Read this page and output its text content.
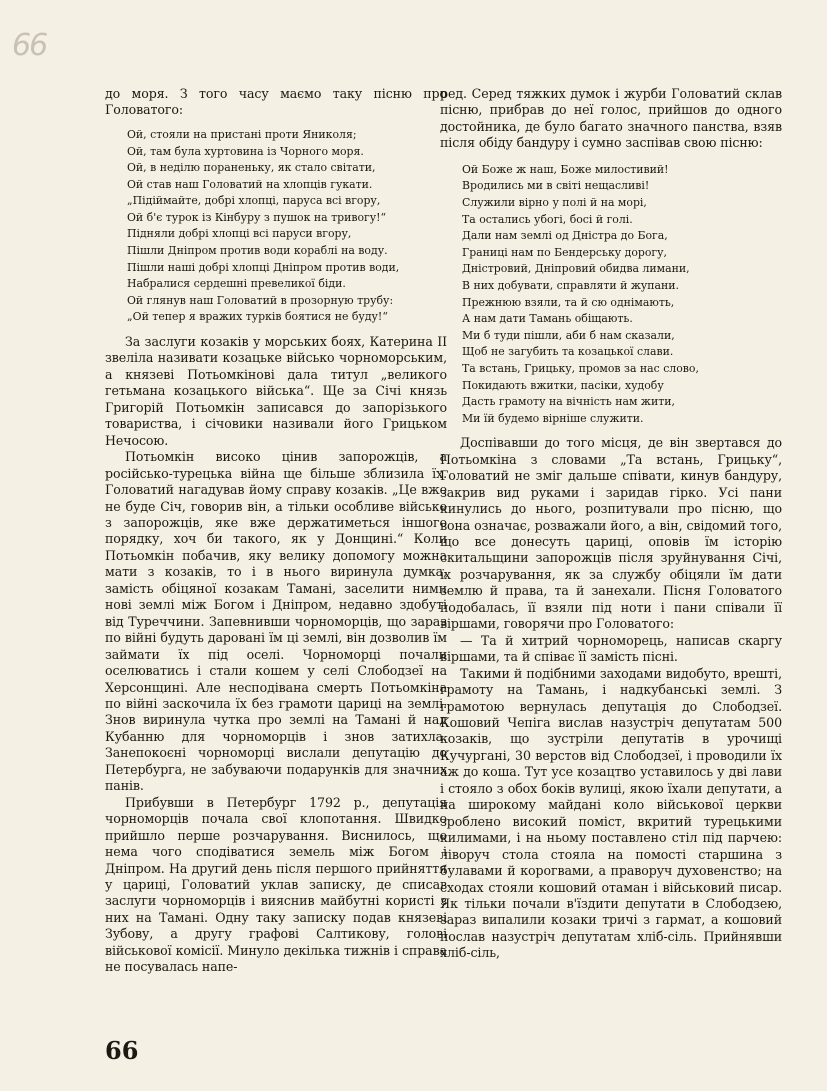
66

до моря. З того часу маємо таку пісню про Головатого:

Ой, стояли на пристані проти Яниколя;
Ой, там була хуртовина із Чорного моря.
Ой, в неділю пораненьку, як стало світати,
Ой став наш Головатий на хлопців гукати.
„Підіймайте, добрі хлопці, паруса всі вгору,
Ой б'є турок із Кінбуру з пушок на тривогу!“
Підняли добрі хлопці всі паруси вгору,
Пішли Дніпром против води кораблі на воду.
Пішли наші добрі хлопці Дніпром против води,
Набралися сердешні превеликої біди.
Ой глянув наш Головатий в прозорную трубу:
„Ой тепер я вражих турків боятися не буду!“

За заслуги козаків у морських боях, Катерина II звеліла називати козацьке військо чорноморським, а князеві Потьомкінові дала титул „великого гетьмана козацького війська“. Ще за Січі князь Григорій Потьомкін записався до запорізького товариства, і січовики називали його Грицьком Нечосою.

Потьомкін високо цінив запорожців, а російсько-турецька війна ще більше зблизила їх. Головатий нагадував йому справу козаків. „Це вже не буде Січ, говорив він, а тільки особливе військо з запорожців, яке вже держатиметься іншого порядку, хоч би такого, як у Донщині.“ Коли Потьомкін побачив, яку велику допомогу можна мати з козаків, то і в нього виринула думка, замість обіцяної козакам Тамані, заселити ними нові землі між Богом і Дніпром, недавно здобуті від Туреччини. Запевнивши чорноморців, що зараз по війні будуть даровані їм ці землі, він дозволив їм займати їх під оселі. Чорноморці почали оселюватись і стали кошем у селі Слободзеї на Херсонщині. Але несподівана смерть Потьомкіна по війні заскочила їх без грамоти цариці на землі. Знов виринула чутка про землі на Тамані й над Кубанню для чорноморців і знов затихла. Занепокоєні чорноморці вислали депутацію до Петербурга, не забуваючи подарунків для значних панів.

Прибувши в Петербург 1792 р., депутація чорноморців почала свої клопотання. Швидко прийшло перше розчарування. Виснилось, що нема чого сподіватися земель між Богом і Дніпром. На другий день після першого прийняття у цариці, Головатий уклав записку, де списав заслуги чорноморців і вияснив майбутні користі з них на Тамані. Одну таку записку подав князеві Зубову, а другу графові Салтикову, голові військової комісії. Минуло декілька тижнів і справа не посувалась напе-

ред. Серед тяжких думок і журби Головатий склав пісню, прибрав до неї голос, прийшов до одного достойника, де було багато значного панства, взяв після обіду бандуру і сумно заспівав свою пісню:

Ой Боже ж наш, Боже милостивий!
Вродились ми в світі нещасливі!
Служили вірно у полі й на морі,
Та остались убогі, босі й голі.
Дали нам землі од Дністра до Бога,
Границі нам по Бендерську дорогу,
Дністровий, Дніпровий обидва лимани,
В них добувати, справляти й жупани.
Прежнюю взяли, та й сю однімають,
А нам дати Тамань обіщають.
Ми б туди пішли, аби б нам сказали,
Щоб не загубить та козацької слави.
Та встань, Грицьку, промов за нас слово,
Покидають вжитки, пасіки, худобу
Дасть грамоту на вічність нам жити,
Ми їй будемо вірніше служити.

Доспівавши до того місця, де він звертався до Потьомкіна з словами „Та встань, Грицьку“, Головатий не зміг дальше співати, кинув бандуру, закрив вид руками і заридав гірко. Усі пани кинулись до нього, розпитували про пісню, що вона означає, розважали його, а він, свідомий того, що все донесуть цариці, оповів їм історію скитальщини запорожців після зруйнування Січі, їх розчарування, як за службу обіцяли їм дати землю й права, та й занехали. Пісня Головатого подобалась, її взяли під ноти і пани співали її віршами, говорячи про Головатого:

— Та й хитрий чорноморець, написав скаргу віршами, та й співає її замість пісні.

Такими й подібними заходами видобуто, врешті, грамоту на Тамань, і надкубанські землі. З грамотою вернулась депутація до Слободзеї. Кошовий Чепіга вислав назустріч депутатам 500 козаків, що зустріли депутатів в урочищі Кучургані, 30 верстов від Слободзеї, і проводили їх аж до коша. Тут усе козацтво уставилось у дві лави і стояло з обох боків вулиці, якою їхали депутати, а на широкому майдані коло військової церкви зроблено високий поміст, вкритий турецькими килимами, і на ньому поставлено стіл під парчею: ліворуч стола стояла на помості старшина з булавами й корогвами, а праворуч духовенство; на сходах стояли кошовий отаман і військовий писар. Як тільки почали в'їздити депутати в Слободзею, зараз випалили козаки тричі з гармат, а кошовий послав назустріч депутатам хліб-сіль. Прийнявши хліб-сіль,

66
